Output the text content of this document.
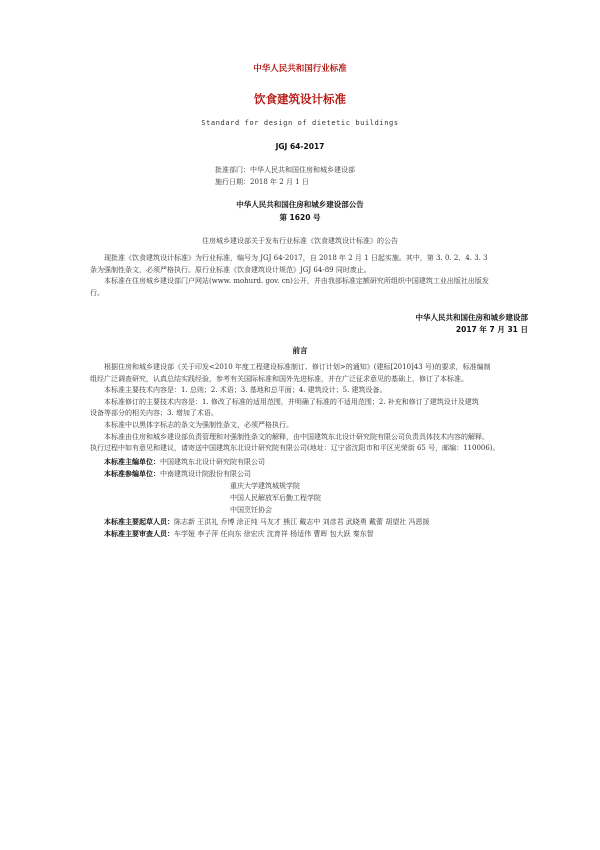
中华人民共和国行业标准
饮食建筑设计标准
Standard for design of dietetic buildings
JGJ 64-2017
批准部门：中华人民共和国住房和城乡建设部
施行日期：2018 年 2 月 1 日
中华人民共和国住房和城乡建设部公告
第 1620 号
住房城乡建设部关于发布行业标准《饮食建筑设计标准》的公告
现批准《饮食建筑设计标准》为行业标准，编号为 JGJ 64-2017，自 2018 年 2 月 1 日起实施。其中，第 3. 0. 2、4. 3. 3
条为强制性条文，必须严格执行。原行业标准《饮食建筑设计规范》JGJ 64-89 同时废止。
本标准在住房城乡建设部门户网站(www. mohurd. gov. cn)公开，并由我部标准定额研究所组织中国建筑工业出版社出版发
行。
中华人民共和国住房和城乡建设部
2017 年 7 月 31 日
前言
根据住房和城乡建设部《关于印发<2010 年度工程建设标准制订、修订计划>的通知》(建标[2010]43 号)的要求，标准编制
组经广泛调查研究，认真总结实践经验，参考有关国际标准和国外先进标准，并在广泛征求意见的基础上，修订了本标准。
本标准主要技术内容是：1. 总则；2. 术语；3. 基地和总平面；4. 建筑设计；5. 建筑设备。
本标准修订的主要技术内容是：1. 修改了标准的适用范围，并明确了标准的不适用范围；2. 补充和修订了建筑设计及建筑
设备等部分的相关内容；3. 增加了术语。
本标准中以黑体字标志的条文为强制性条文，必须严格执行。
本标准由住房和城乡建设部负责管理和对强制性条文的解释，由中国建筑东北设计研究院有限公司负责具体技术内容的解释。
执行过程中如有意见和建议，请寄送中国建筑东北设计研究院有限公司(地址：辽宁省沈阳市和平区光荣街 65 号，邮编：110006)。
本标准主编单位：中国建筑东北设计研究院有限公司
本标准参编单位：中南建筑设计院股份有限公司
重庆大学建筑城规学院
中国人民解放军后勤工程学院
中国烹饪协会
本标准主要起草人员：陈志新 王洪礼 乔博 涂正纯 马友才 熊江 戴志中 刘彦君 武晓勇 戴蕾 胡望社 冯恩援
本标准主要审查人员：车学娅 李子萍 任向东 徐宏庆 沈育祥 杨适伟 曹晖 包大跃 秦东智
